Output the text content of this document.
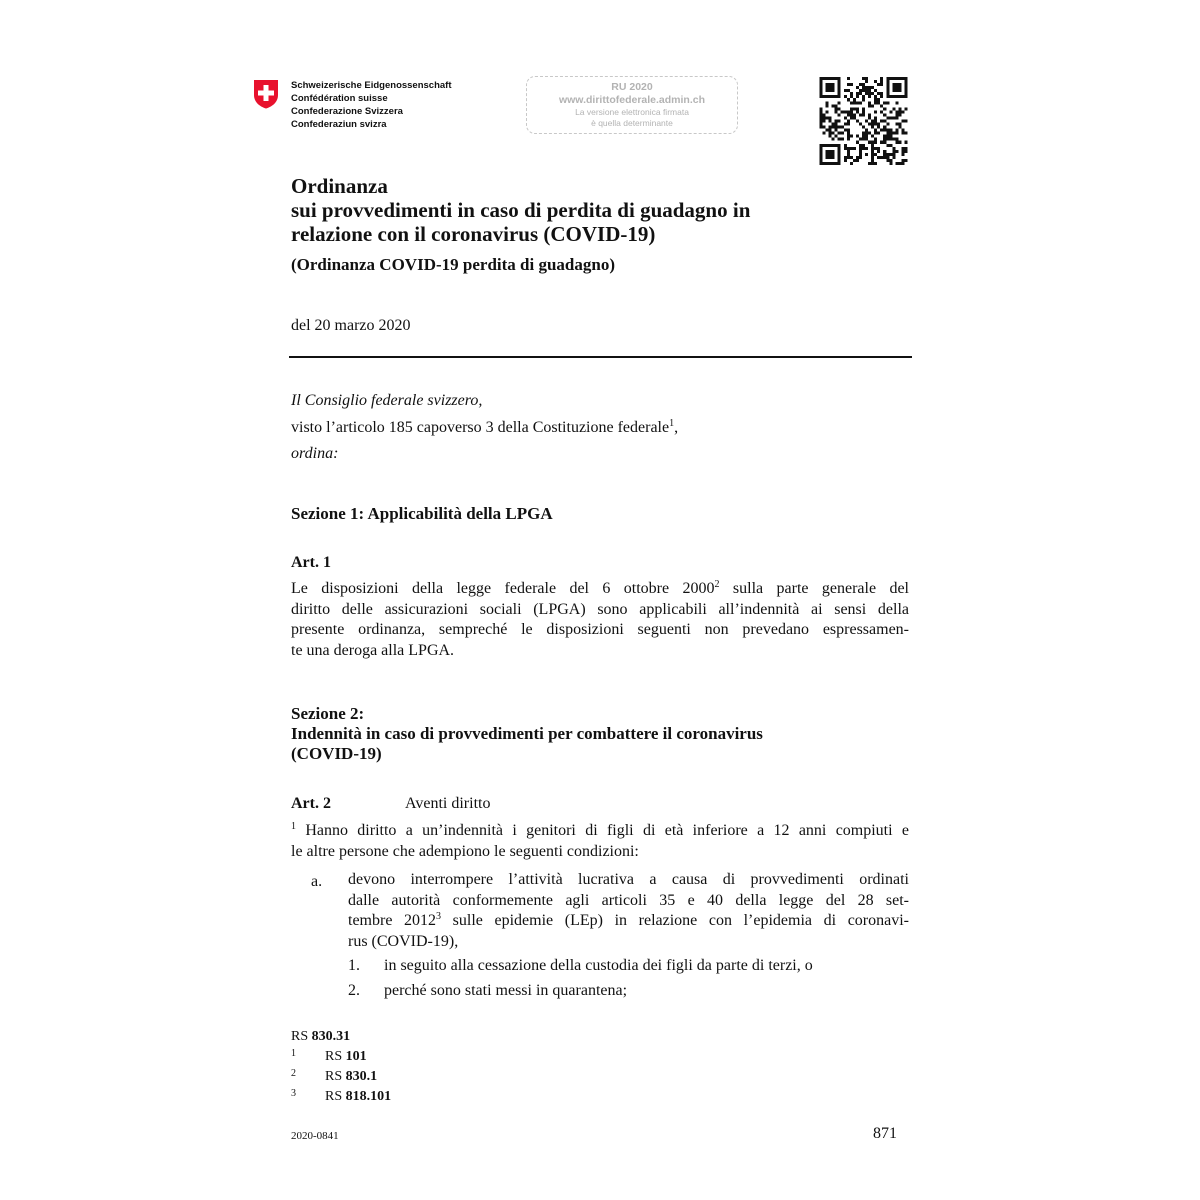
Schweizerische Eidgenossenschaft
Confédération suisse
Confederazione Svizzera
Confederaziun svizra
RU 2020
www.dirittofederale.admin.ch
La versione elettronica firmata
è quella determinante
Ordinanza
sui provvedimenti in caso di perdita di guadagno in
relazione con il coronavirus (COVID-19)
(Ordinanza COVID-19 perdita di guadagno)
del 20 marzo 2020
Il Consiglio federale svizzero,
visto l’articolo 185 capoverso 3 della Costituzione federale$^1$,
ordina:
Sezione 1: Applicabilità della LPGA
Art. 1
Le disposizioni della legge federale del 6 ottobre 2000$^2$ sulla parte generale del
diritto delle assicurazioni sociali (LPGA) sono applicabili all’indennità ai sensi della
presente ordinanza, sempreché le disposizioni seguenti non prevedano espressamen-
te una deroga alla LPGA.
Sezione 2:
Indennità in caso di provvedimenti per combattere il coronavirus
(COVID-19)
Art. 2	Aventi diritto
$^1$ Hanno diritto a un’indennità i genitori di figli di età inferiore a 12 anni compiuti e
le altre persone che adempiono le seguenti condizioni:
a. devono interrompere l’attività lucrativa a causa di provvedimenti ordinati
dalle autorità conformemente agli articoli 35 e 40 della legge del 28 set-
tembre 2012$^3$ sulle epidemie (LEp) in relazione con l’epidemia di coronavi-
rus (COVID-19),
1. in seguito alla cessazione della custodia dei figli da parte di terzi, o
2. perché sono stati messi in quarantena;
RS 830.31
1 RS 101
2 RS 830.1
3 RS 818.101
2020-0841	871
